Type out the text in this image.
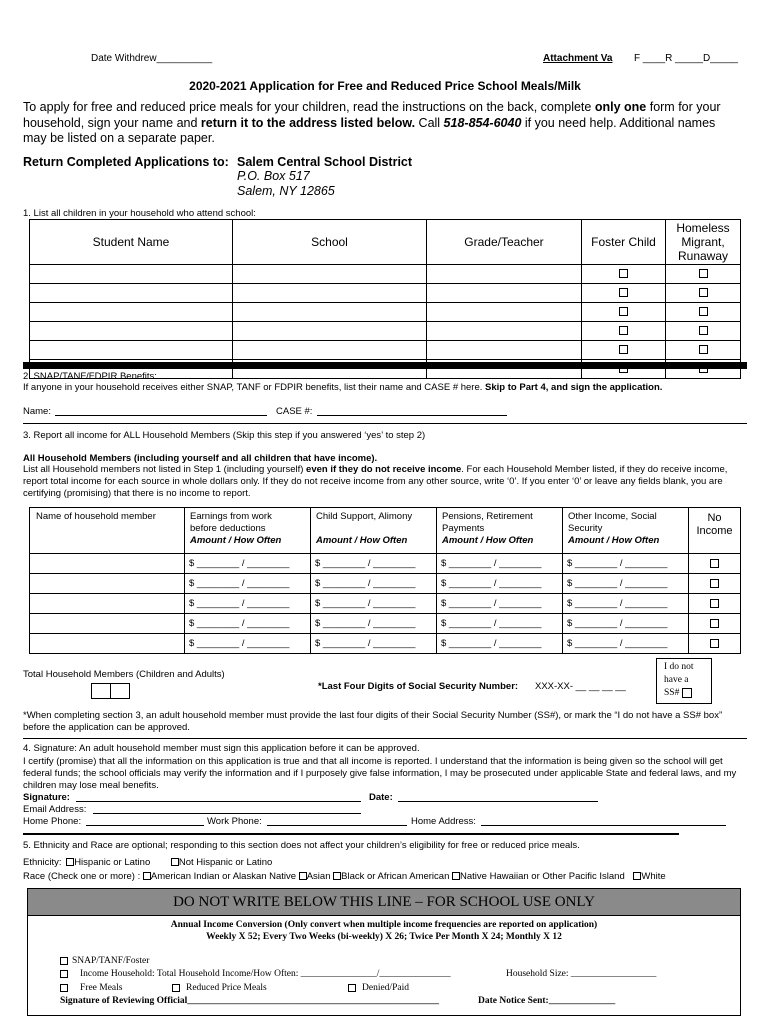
Date Withdrew__________	Attachment Va F ____R _____D_____
2020-2021 Application for Free and Reduced Price School Meals/Milk
To apply for free and reduced price meals for your children, read the instructions on the back, complete only one form for your household, sign your name and return it to the address listed below. Call 518-854-6040 if you need help. Additional names may be listed on a separate paper.
Return Completed Applications to: Salem Central School District
P.O. Box 517
Salem, NY 12865
1. List all children in your household who attend school:
Student Name	School	Grade/Teacher	Foster Child	Homeless
Migrant,
Runaway

2. SNAP/TANF/FDPIR Benefits:
If anyone in your household receives either SNAP, TANF or FDPIR benefits, list their name and CASE # here. Skip to Part 4, and sign the application.
Name:	CASE #:
3. Report all income for ALL Household Members (Skip this step if you answered ‘yes’ to step 2)
All Household Members (including yourself and all children that have income).
List all Household members not listed in Step 1 (including yourself) even if they do not receive income. For each Household Member listed, if they do receive income, report total income for each source in whole dollars only. If they do not receive income from any other source, write ‘0’. If you enter ‘0’ or leave any fields blank, you are certifying (promising) that there is no income to report.
Name of household member	Earnings from work
before deductions
Amount / How Often	Child Support, Alimony

Amount / How Often	Pensions, Retirement
Payments
Amount / How Often	Other Income, Social
Security
Amount / How Often	No
Income
	$ ________ / ________	$ ________ / ________	$ ________ / ________	$ ________ / ________	
	$ ________ / ________	$ ________ / ________	$ ________ / ________	$ ________ / ________	
	$ ________ / ________	$ ________ / ________	$ ________ / ________	$ ________ / ________	
	$ ________ / ________	$ ________ / ________	$ ________ / ________	$ ________ / ________	
	$ ________ / ________	$ ________ / ________	$ ________ / ________	$ ________ / ________	
Total Household Members (Children and Adults)
*Last Four Digits of Social Security Number: XXX-XX- __ __ __ __
I do not
have a
SS#
*When completing section 3, an adult household member must provide the last four digits of their Social Security Number (SS#), or mark the “I do not have a SS# box” before the application can be approved.
4. Signature: An adult household member must sign this application before it can be approved.
I certify (promise) that all the information on this application is true and that all income is reported. I understand that the information is being given so the school will get federal funds; the school officials may verify the information and if I purposely give false information, I may be prosecuted under applicable State and federal laws, and my children may lose meal benefits.
Signature:	Date:
Email Address:
Home Phone:	Work Phone:	Home Address:
5. Ethnicity and Race are optional; responding to this section does not affect your children’s eligibility for free or reduced price meals.
Ethnicity: Hispanic or Latino	Not Hispanic or Latino
Race (Check one or more) : American Indian or Alaskan Native Asian Black or African American Native Hawaiian or Other Pacific Island White
DO NOT WRITE BELOW THIS LINE – FOR SCHOOL USE ONLY
Annual Income Conversion (Only convert when multiple income frequencies are reported on application)
Weekly X 52; Every Two Weeks (bi-weekly) X 26; Twice Per Month X 24; Monthly X 12
SNAP/TANF/Foster
Income Household: Total Household Income/How Often: ________________/_______________	Household Size: __________________
Free Meals	Reduced Price Meals	Denied/Paid
Signature of Reviewing Official_____________________________________________________	Date Notice Sent:______________
